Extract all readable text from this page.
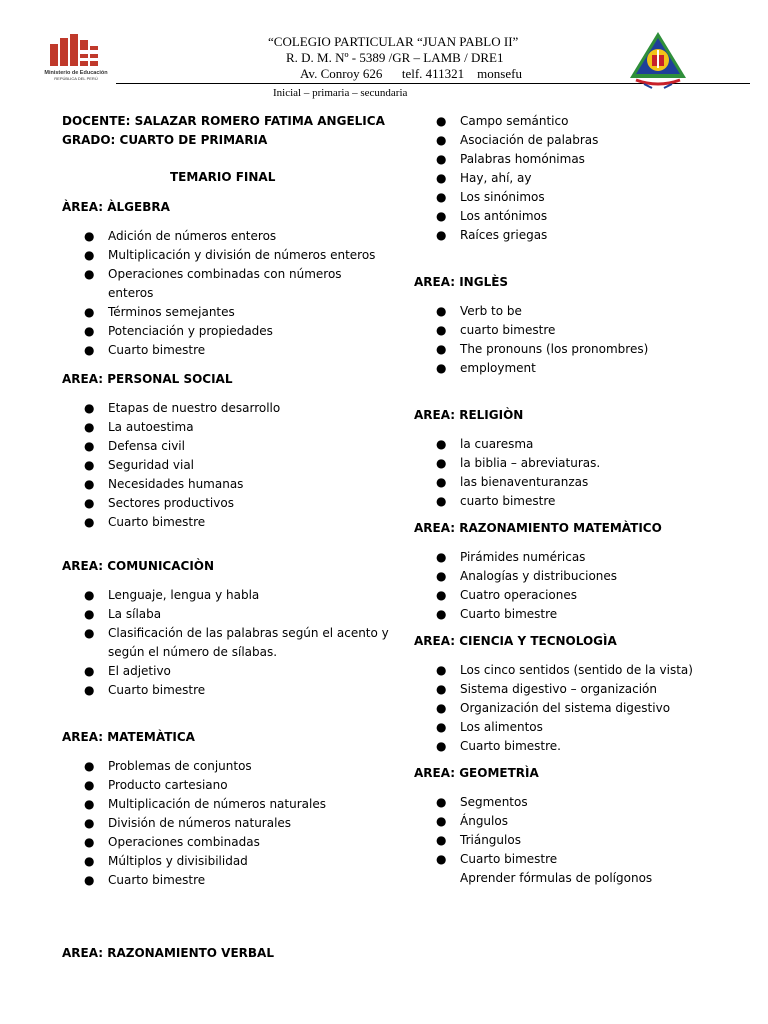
Ministerio de Educación
REPÚBLICA DEL PERÚ
“COLEGIO PARTICULAR “JUAN PABLO II”
R. D. M. Nº - 5389 /GR – LAMB / DRE1
Av. Conroy 626      telf. 411321    monsefu
Inicial – primaria – secundaria
DOCENTE: SALAZAR ROMERO FATIMA ANGELICA
GRADO: CUARTO DE PRIMARIA
TEMARIO FINAL
ÀREA: ÀLGEBRA
● Adición de números enteros
● Multiplicación y división de números enteros
● Operaciones combinadas con números
enteros
● Términos semejantes
● Potenciación y propiedades
● Cuarto bimestre
AREA: PERSONAL SOCIAL
● Etapas de nuestro desarrollo
● La autoestima
● Defensa civil
● Seguridad vial
● Necesidades humanas
● Sectores productivos
● Cuarto bimestre
AREA: COMUNICACIÒN
● Lenguaje, lengua y habla
● La sílaba
● Clasificación de las palabras según el acento y
según el número de sílabas.
● El adjetivo
● Cuarto bimestre
AREA: MATEMÀTICA
● Problemas de conjuntos
● Producto cartesiano
● Multiplicación de números naturales
● División de números naturales
● Operaciones combinadas
● Múltiplos y divisibilidad
● Cuarto bimestre
AREA: RAZONAMIENTO VERBAL
● Campo semántico
● Asociación de palabras
● Palabras homónimas
● Hay, ahí, ay
● Los sinónimos
● Los antónimos
● Raíces griegas
AREA: INGLÈS
● Verb to be
● cuarto bimestre
● The pronouns (los pronombres)
● employment
AREA: RELIGIÒN
● la cuaresma
● la biblia – abreviaturas.
● las bienaventuranzas
● cuarto bimestre
AREA: RAZONAMIENTO MATEMÀTICO
● Pirámides numéricas
● Analogías y distribuciones
● Cuatro operaciones
● Cuarto bimestre
AREA: CIENCIA Y TECNOLOGÌA
● Los cinco sentidos (sentido de la vista)
● Sistema digestivo – organización
● Organización del sistema digestivo
● Los alimentos
● Cuarto bimestre.
AREA: GEOMETRÌA
● Segmentos
● Ángulos
● Triángulos
● Cuarto bimestre
Aprender fórmulas de polígonos
